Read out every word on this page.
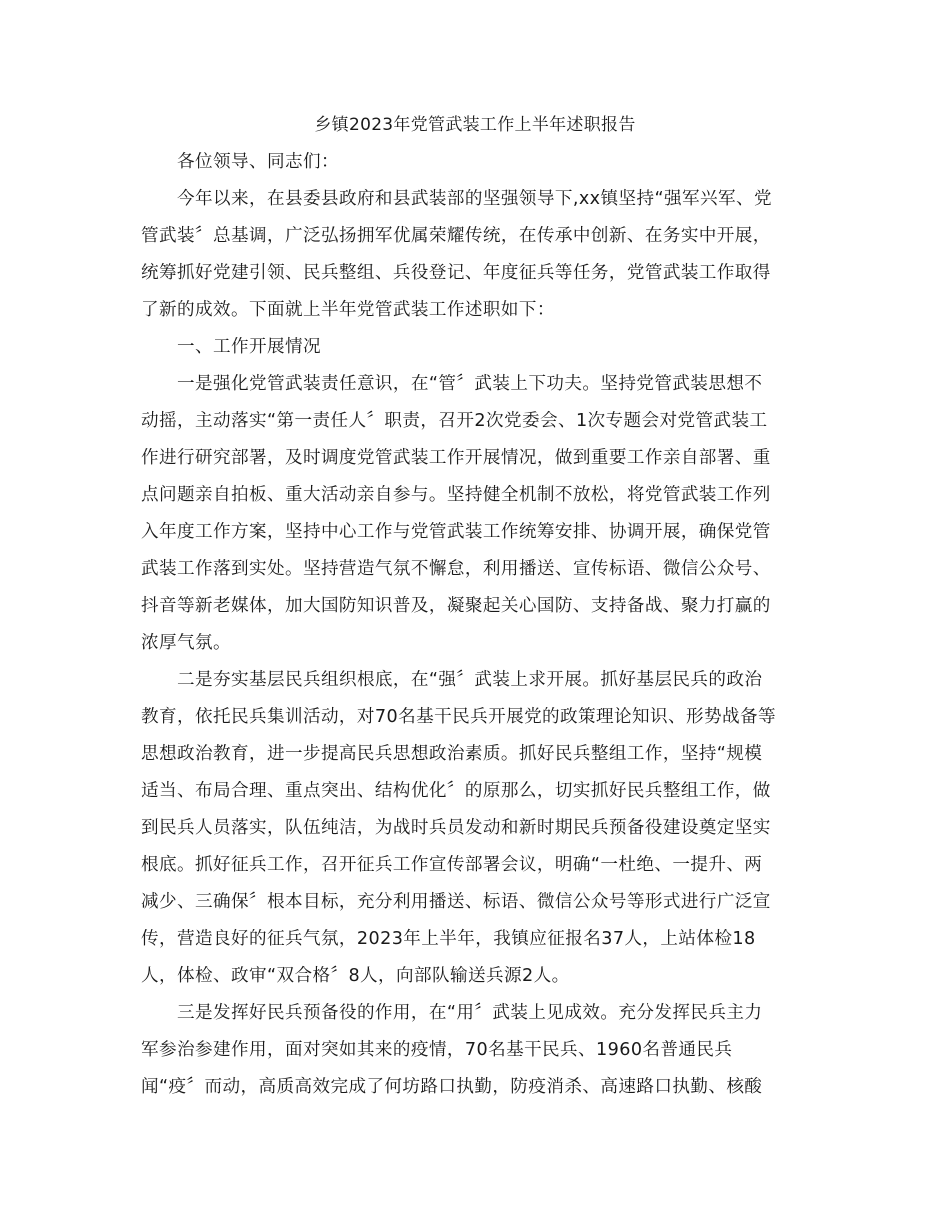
乡镇2023年党管武装工作上半年述职报告
各位领导、同志们：
今年以来，在县委县政府和县武装部的坚强领导下,xx镇坚持“强军兴军、党
管武装〞总基调，广泛弘扬拥军优属荣耀传统，在传承中创新、在务实中开展，
统筹抓好党建引领、民兵整组、兵役登记、年度征兵等任务，党管武装工作取得
了新的成效。下面就上半年党管武装工作述职如下：
一、工作开展情况
一是强化党管武装责任意识，在“管〞武装上下功夫。坚持党管武装思想不
动摇，主动落实“第一责任人〞职责，召开2次党委会、1次专题会对党管武装工
作进行研究部署，及时调度党管武装工作开展情况，做到重要工作亲自部署、重
点问题亲自拍板、重大活动亲自参与。坚持健全机制不放松，将党管武装工作列
入年度工作方案，坚持中心工作与党管武装工作统筹安排、协调开展，确保党管
武装工作落到实处。坚持营造气氛不懈怠，利用播送、宣传标语、微信公众号、
抖音等新老媒体，加大国防知识普及，凝聚起关心国防、支持备战、聚力打赢的
浓厚气氛。
二是夯实基层民兵组织根底，在“强〞武装上求开展。抓好基层民兵的政治
教育，依托民兵集训活动，对70名基干民兵开展党的政策理论知识、形势战备等
思想政治教育，进一步提高民兵思想政治素质。抓好民兵整组工作，坚持“规模
适当、布局合理、重点突出、结构优化〞的原那么，切实抓好民兵整组工作，做
到民兵人员落实，队伍纯洁，为战时兵员发动和新时期民兵预备役建设奠定坚实
根底。抓好征兵工作，召开征兵工作宣传部署会议，明确“一杜绝、一提升、两
减少、三确保〞根本目标，充分利用播送、标语、微信公众号等形式进行广泛宣
传，营造良好的征兵气氛，2023年上半年，我镇应征报名37人，上站体检18
人，体检、政审“双合格〞8人，向部队输送兵源2人。
三是发挥好民兵预备役的作用，在“用〞武装上见成效。充分发挥民兵主力
军参治参建作用，面对突如其来的疫情，70名基干民兵、1960名普通民兵
闻“疫〞而动，高质高效完成了何坊路口执勤，防疫消杀、高速路口执勤、核酸
